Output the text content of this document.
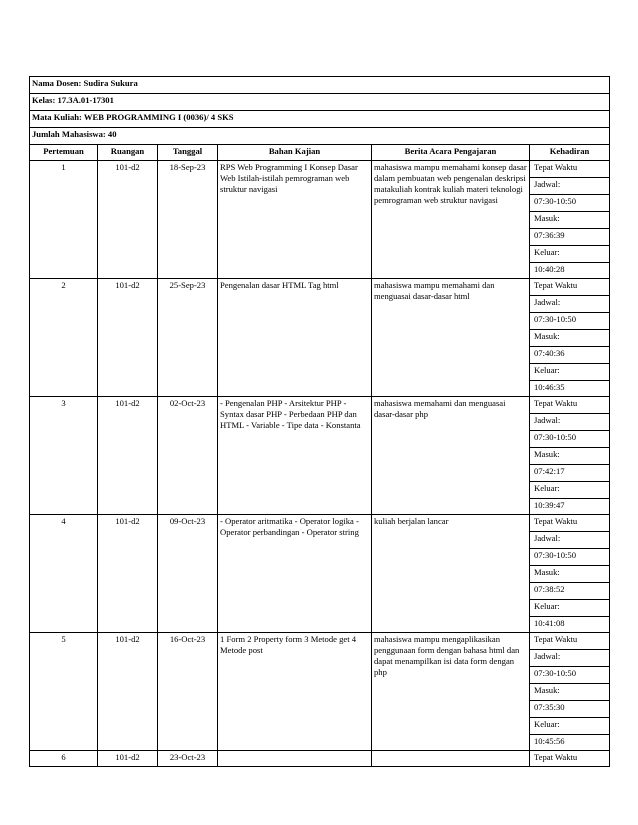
Nama Dosen: Sudira Sukura					
Kelas: 17.3A.01-17301					
Mata Kuliah: WEB PROGRAMMING I (0036)/ 4 SKS					
Jumlah Mahasiswa: 40					
Pertemuan	Ruangan	Tanggal	Bahan Kajian	Berita Acara Pengajaran	Kehadiran
1	101-d2	18-Sep-23	RPS Web Programming I Konsep Dasar Web Istilah-istilah pemrograman web struktur navigasi	mahasiswa mampu memahami konsep dasar dalam pembuatan web pengenalan deskripsi matakuliah kontrak kuliah materi teknologi pemrograman web struktur navigasi	Tepat Waktu
					Jadwal:
					07:30-10:50
					Masuk:
					07:36:39
					Keluar:
					10:40:28
2	101-d2	25-Sep-23	Pengenalan dasar HTML Tag html	mahasiswa mampu memahami dan menguasai dasar-dasar html	Tepat Waktu
					Jadwal:
					07:30-10:50
					Masuk:
					07:40:36
					Keluar:
					10:46:35
3	101-d2	02-Oct-23	- Pengenalan PHP - Arsitektur PHP - Syntax dasar PHP - Perbedaan PHP dan HTML - Variable - Tipe data - Konstanta	mahasiswa memahami dan menguasai dasar-dasar php	Tepat Waktu
					Jadwal:
					07:30-10:50
					Masuk:
					07:42:17
					Keluar:
					10:39:47
4	101-d2	09-Oct-23	- Operator aritmatika - Operator logika - Operator perbandingan - Operator string	kuliah berjalan lancar	Tepat Waktu
					Jadwal:
					07:30-10:50
					Masuk:
					07:38:52
					Keluar:
					10:41:08
5	101-d2	16-Oct-23	1 Form 2 Property form 3 Metode get 4 Metode post	mahasiswa mampu mengaplikasikan penggunaan form dengan bahasa html dan dapat menampilkan isi data form dengan php	Tepat Waktu
					Jadwal:
					07:30-10:50
					Masuk:
					07:35:30
					Keluar:
					10:45:56
6	101-d2	23-Oct-23			Tepat Waktu
